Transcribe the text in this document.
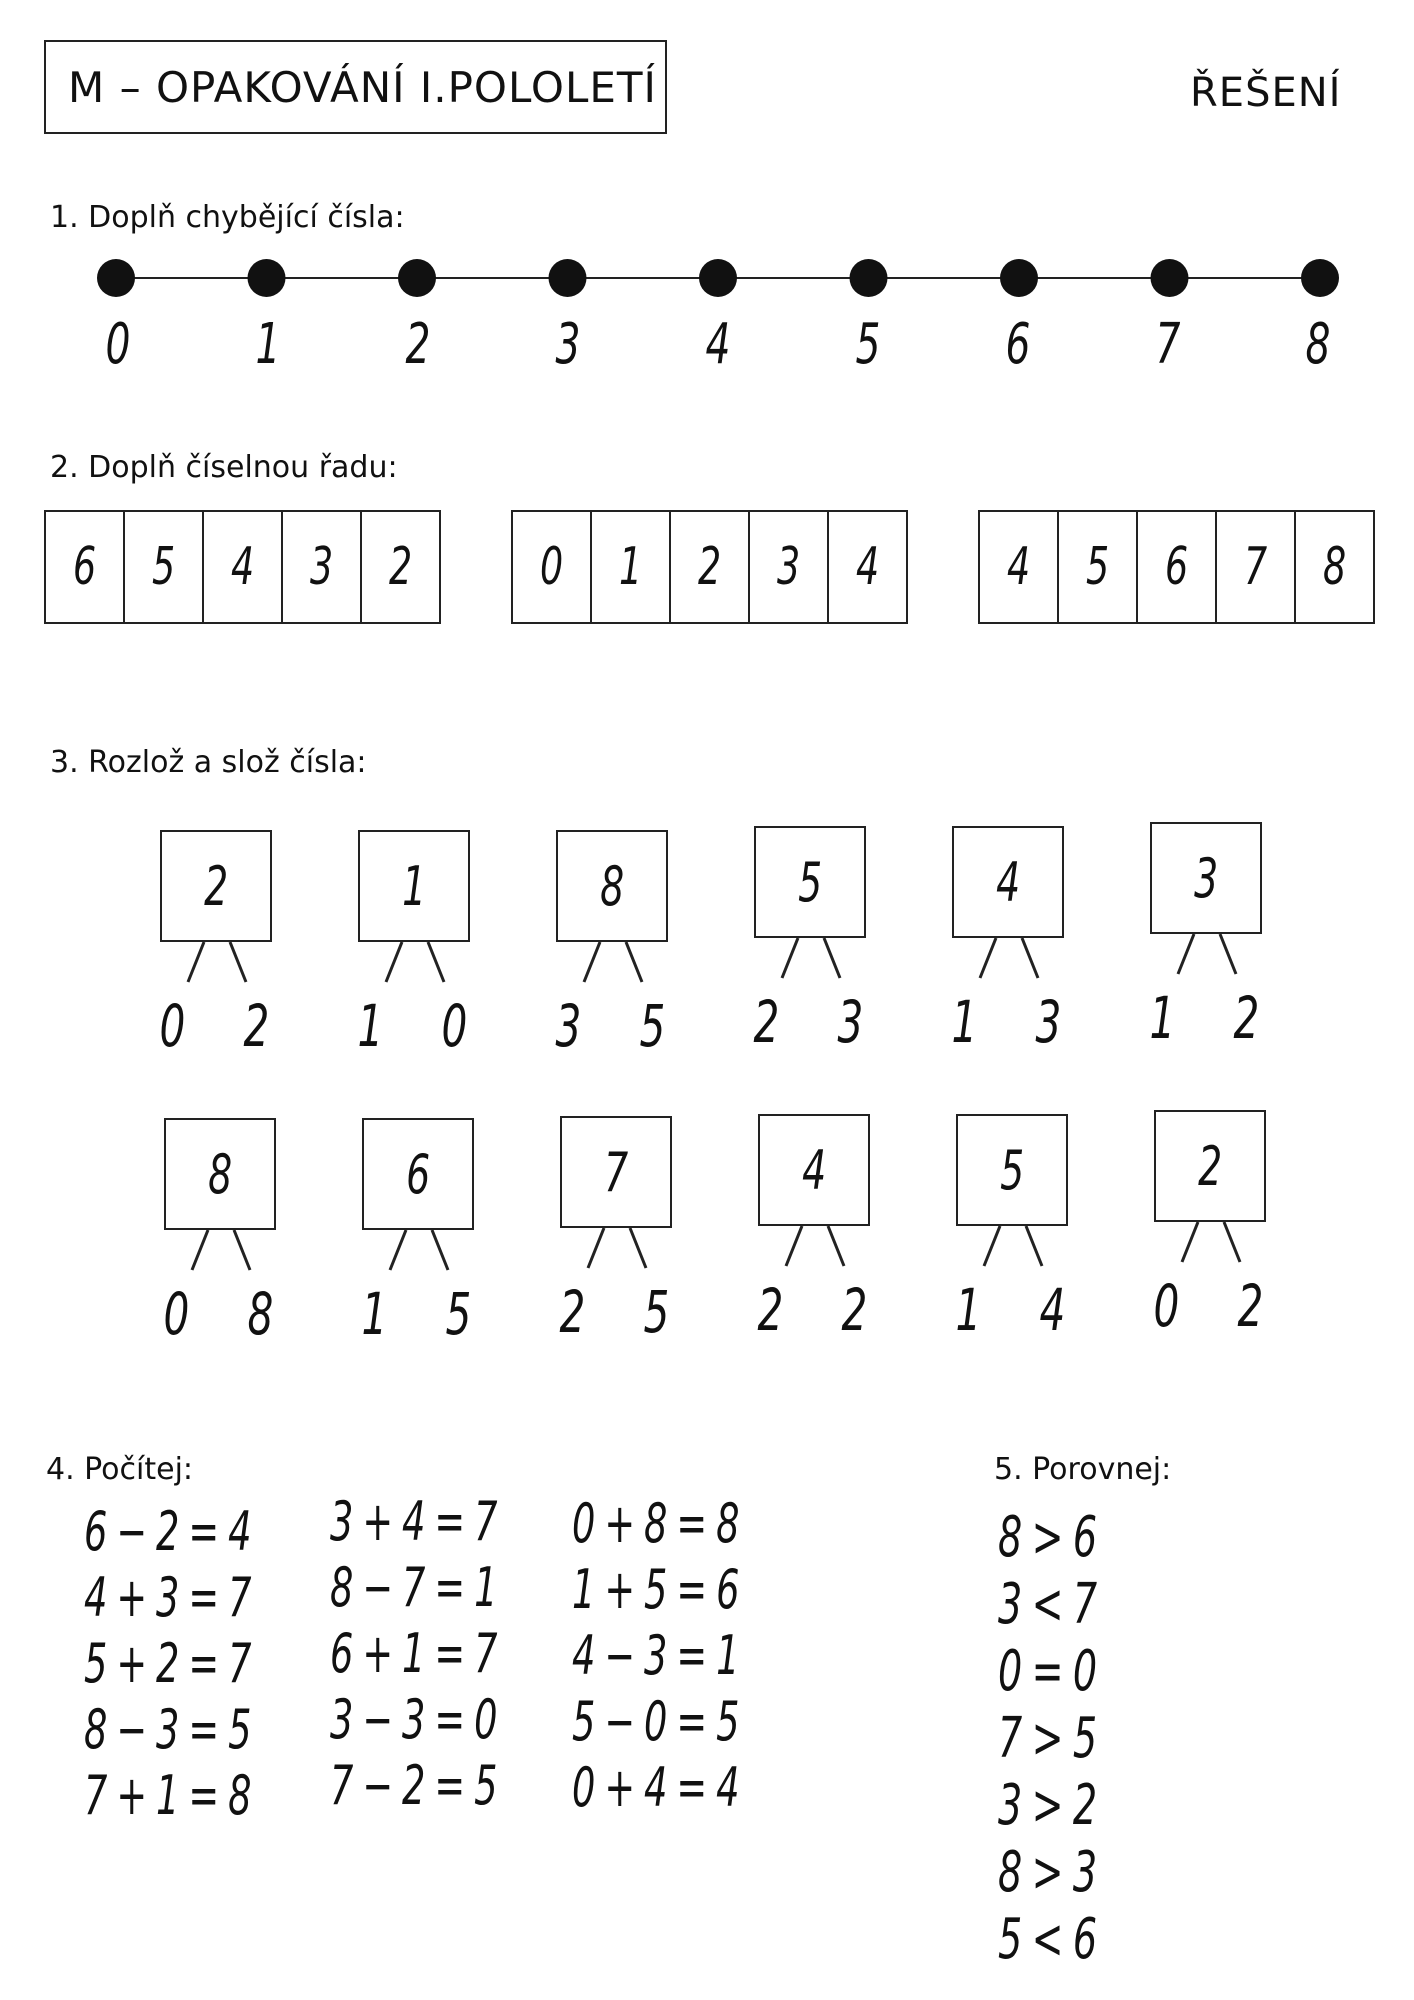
M – OPAKOVÁNÍ I.POLOLETÍ	ŘEŠENÍ
1. Doplň chybějící čísla:
0 1 2 3 4 5 6 7 8
2. Doplň číselnou řadu:
6 5 4 3 2 0 1 2 3 4 4 5 6 7 8
3. Rozlož a slož čísla:
2
0 2
1
1 0
8
3 5
5
2 3
4
1 3
3
1 2
8
0 8
6
1 5
7
2 5
4
2 2
5
1 4
2
0 2
4. Počítej:
6 − 2 = 4
4 + 3 = 7
5 + 2 = 7
8 − 3 = 5
7 + 1 = 8
3 + 4 = 7
8 − 7 = 1
6 + 1 = 7
3 − 3 = 0
7 − 2 = 5
0 + 8 = 8
1 + 5 = 6
4 − 3 = 1
5 − 0 = 5
0 + 4 = 4
5. Porovnej:
8 > 6
3 < 7
0 = 0
7 > 5
3 > 2
8 > 3
5 < 6
